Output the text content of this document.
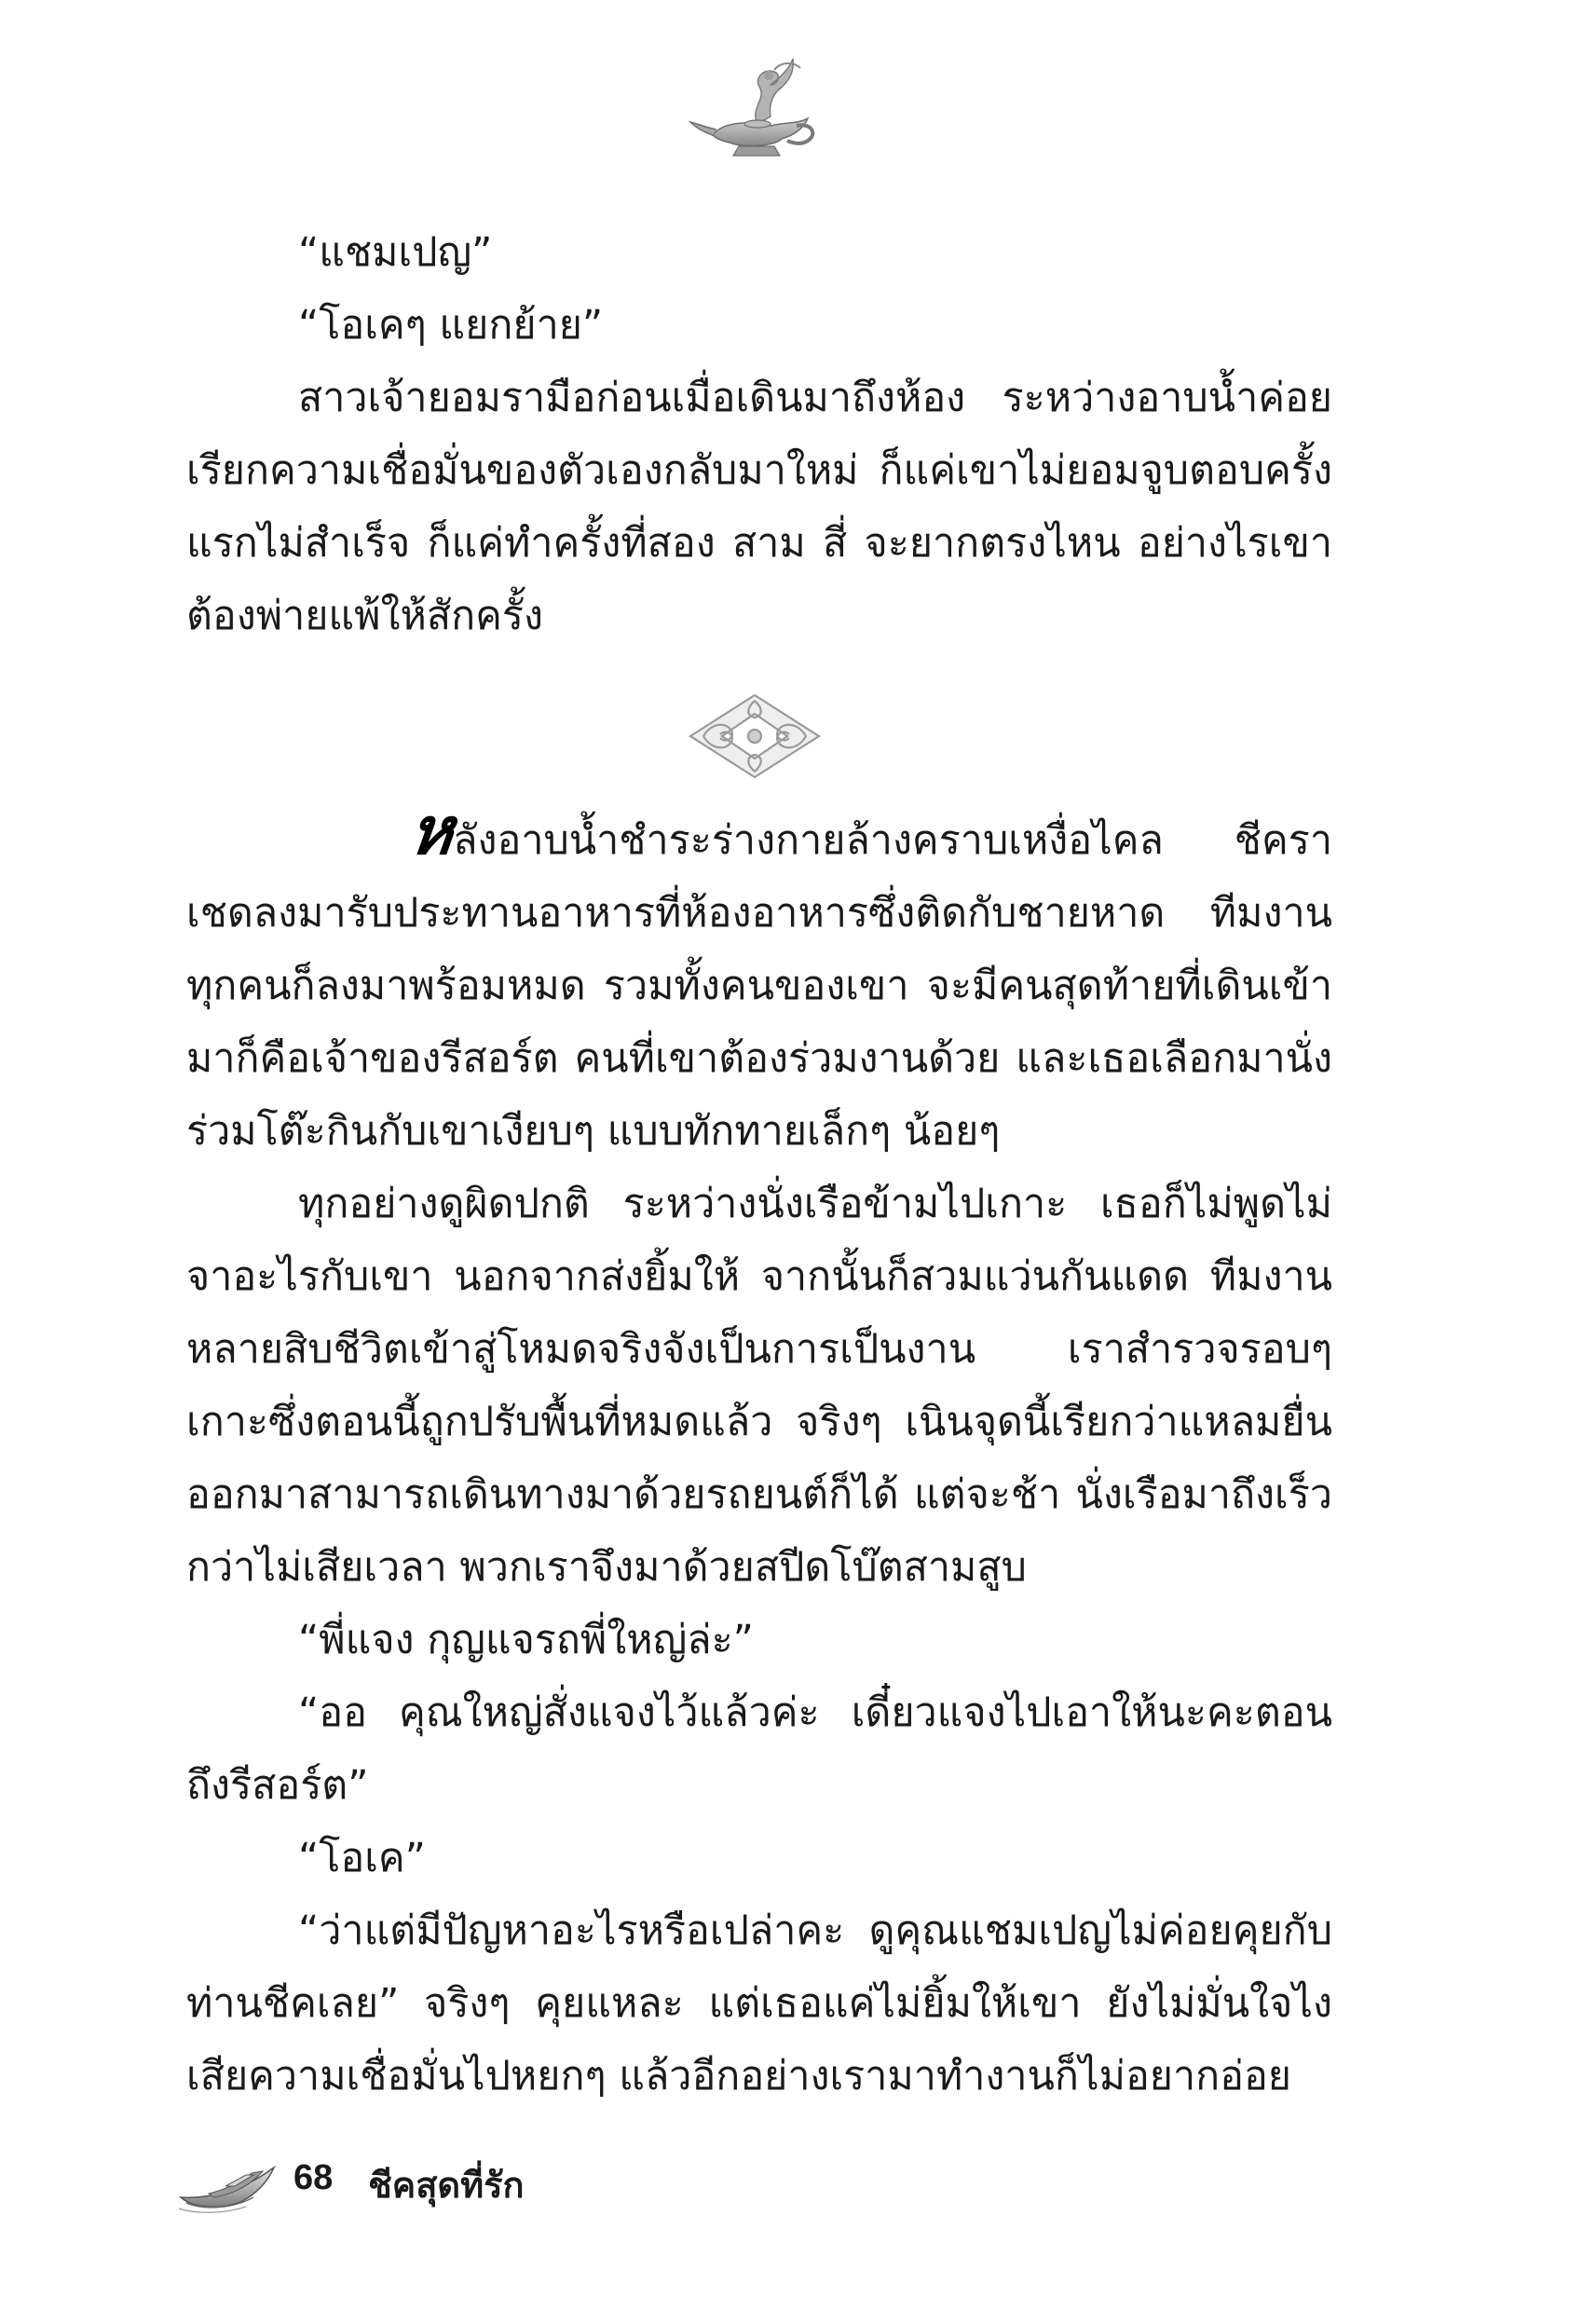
“แชมเปญ”

“โอเคๆ แยกย้าย”

สาวเจ้ายอมรามือก่อนเมื่อเดินมาถึงห้อง ระหว่างอาบน้ำค่อยเรียกความเชื่อมั่นของตัวเองกลับมาใหม่ ก็แค่เขาไม่ยอมจูบตอบครั้งแรกไม่สำเร็จ ก็แค่ทำครั้งที่สอง สาม สี่ จะยากตรงไหน อย่างไรเขาต้องพ่ายแพ้ให้สักครั้ง

หลังอาบน้ำชำระร่างกายล้างคราบเหงื่อไคล ชีคราเชดลงมารับประทานอาหารที่ห้องอาหารซึ่งติดกับชายหาด ทีมงานทุกคนก็ลงมาพร้อมหมด รวมทั้งคนของเขา จะมีคนสุดท้ายที่เดินเข้ามาก็คือเจ้าของรีสอร์ต คนที่เขาต้องร่วมงานด้วย และเธอเลือกมานั่งร่วมโต๊ะกินกับเขาเงียบๆ แบบทักทายเล็กๆ น้อยๆ

ทุกอย่างดูผิดปกติ ระหว่างนั่งเรือข้ามไปเกาะ เธอก็ไม่พูดไม่จาอะไรกับเขา นอกจากส่งยิ้มให้ จากนั้นก็สวมแว่นกันแดด ทีมงานหลายสิบชีวิตเข้าสู่โหมดจริงจังเป็นการเป็นงาน เราสำรวจรอบๆ เกาะซึ่งตอนนี้ถูกปรับพื้นที่หมดแล้ว จริงๆ เนินจุดนี้เรียกว่าแหลมยื่นออกมาสามารถเดินทางมาด้วยรถยนต์ก็ได้ แต่จะช้า นั่งเรือมาถึงเร็วกว่าไม่เสียเวลา พวกเราจึงมาด้วยสปีดโบ๊ตสามสูบ

“พี่แจง กุญแจรถพี่ใหญ่ล่ะ”

“ออ คุณใหญ่สั่งแจงไว้แล้วค่ะ เดี๋ยวแจงไปเอาให้นะคะตอนถึงรีสอร์ต”

“โอเค”

“ว่าแต่มีปัญหาอะไรหรือเปล่าคะ ดูคุณแชมเปญไม่ค่อยคุยกับท่านชีคเลย” จริงๆ คุยแหละ แต่เธอแค่ไม่ยิ้มให้เขา ยังไม่มั่นใจไงเสียความเชื่อมั่นไปหยกๆ แล้วอีกอย่างเรามาทำงานก็ไม่อยากอ่อย

68 ชีคสุดที่รัก
